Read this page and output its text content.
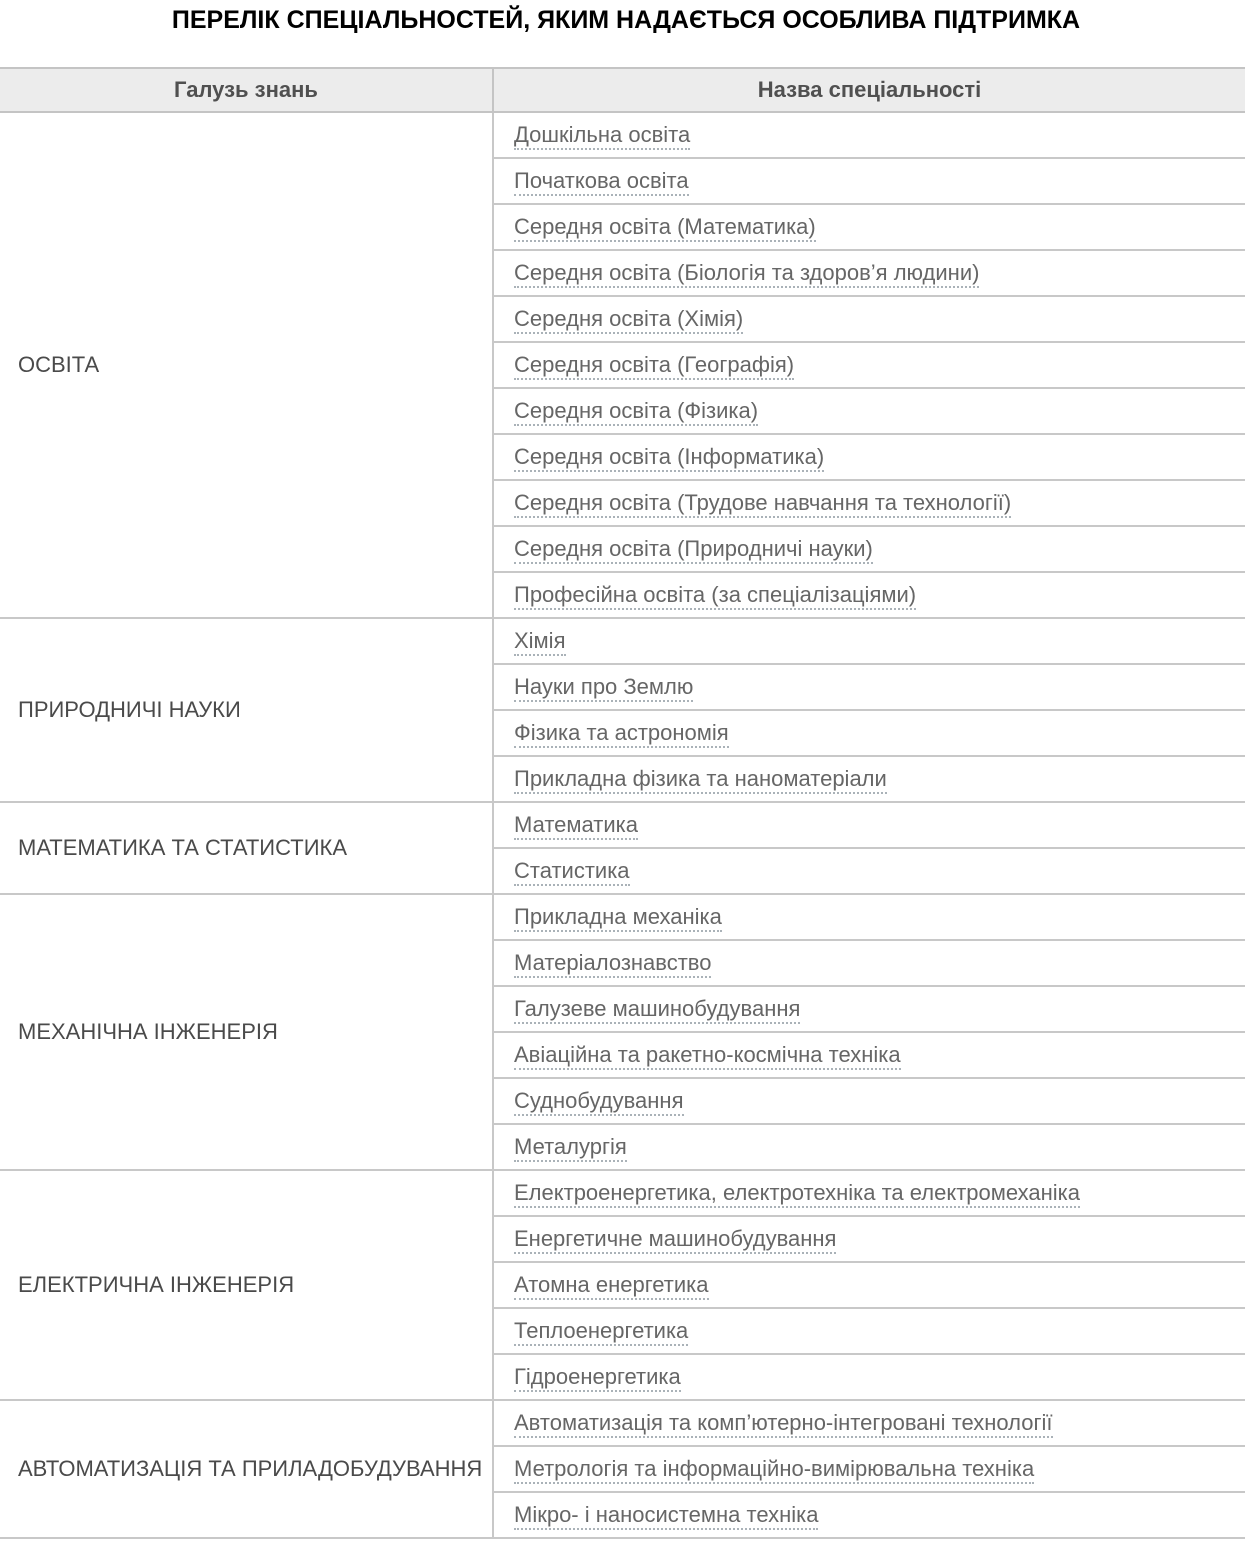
ПЕРЕЛІК СПЕЦІАЛЬНОСТЕЙ, ЯКИМ НАДАЄТЬСЯ ОСОБЛИВА ПІДТРИМКА
Галузь знань	Назва спеціальності
ОСВІТА	Дошкільна освіта
	Початкова освіта
	Середня освіта (Математика)
	Середня освіта (Біологія та здоров’я людини)
	Середня освіта (Хімія)
	Середня освіта (Географія)
	Середня освіта (Фізика)
	Середня освіта (Інформатика)
	Середня освіта (Трудове навчання та технології)
	Середня освіта (Природничі науки)
	Професійна освіта (за спеціалізаціями)
ПРИРОДНИЧІ НАУКИ	Хімія
	Науки про Землю
	Фізика та астрономія
	Прикладна фізика та наноматеріали
МАТЕМАТИКА ТА СТАТИСТИКА	Математика
	Статистика
МЕХАНІЧНА ІНЖЕНЕРІЯ	Прикладна механіка
	Матеріалознавство
	Галузеве машинобудування
	Авіаційна та ракетно-космічна техніка
	Суднобудування
	Металургія
ЕЛЕКТРИЧНА ІНЖЕНЕРІЯ	Електроенергетика, електротехніка та електромеханіка
	Енергетичне машинобудування
	Атомна енергетика
	Теплоенергетика
	Гідроенергетика
АВТОМАТИЗАЦІЯ ТА ПРИЛАДОБУДУВАННЯ	Автоматизація та комп’ютерно-інтегровані технології
	Метрологія та інформаційно-вимірювальна техніка
	Мікро- і наносистемна техніка
